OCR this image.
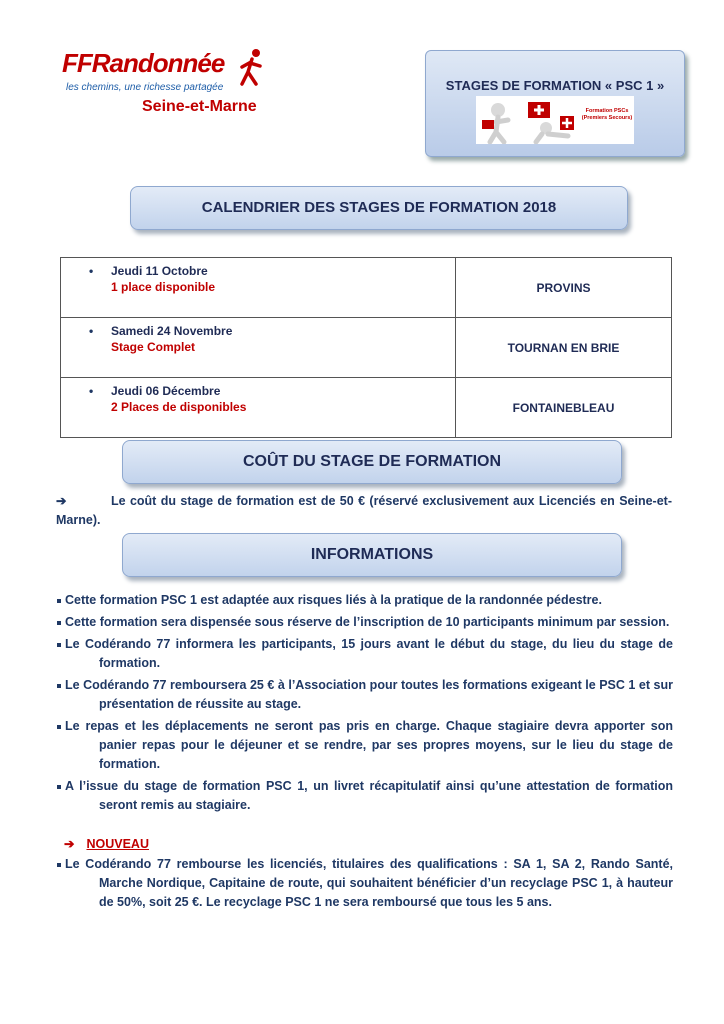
FFRandonnée
les chemins, une richesse partagée
Seine-et-Marne
STAGES DE FORMATION « PSC 1 »
Formation PSCs (Premiers Secours)
CALENDRIER DES STAGES DE FORMATION 2018
• Jeudi 11 Octobre
1 place disponible	PROVINS
• Samedi 24 Novembre
Stage Complet	TOURNAN EN BRIE
• Jeudi 06 Décembre
2 Places de disponibles	FONTAINEBLEAU
COÛT DU STAGE DE FORMATION
➔	Le coût du stage de formation est de 50 € (réservé exclusivement aux Licenciés en Seine-et-Marne).
INFORMATIONS
Cette formation PSC 1 est adaptée aux risques liés à la pratique de la randonnée pédestre.
Cette formation sera dispensée sous réserve de l’inscription de 10 participants minimum par session.
Le Codérando 77 informera les participants, 15 jours avant le début du stage, du lieu du stage de formation.
Le Codérando 77 remboursera 25 € à l’Association pour toutes les formations exigeant le PSC 1 et sur présentation de réussite au stage.
Le repas et les déplacements ne seront pas pris en charge. Chaque stagiaire devra apporter son panier repas pour le déjeuner et se rendre, par ses propres moyens, sur le lieu du stage de formation.
A l’issue du stage de formation PSC 1, un livret récapitulatif ainsi qu’une attestation de formation seront remis au stagiaire.
➔ NOUVEAU
Le Codérando 77 rembourse les licenciés, titulaires des qualifications : SA 1, SA 2, Rando Santé, Marche Nordique, Capitaine de route, qui souhaitent bénéficier d’un recyclage PSC 1, à hauteur de 50%, soit 25 €. Le recyclage PSC 1 ne sera remboursé que tous les 5 ans.
